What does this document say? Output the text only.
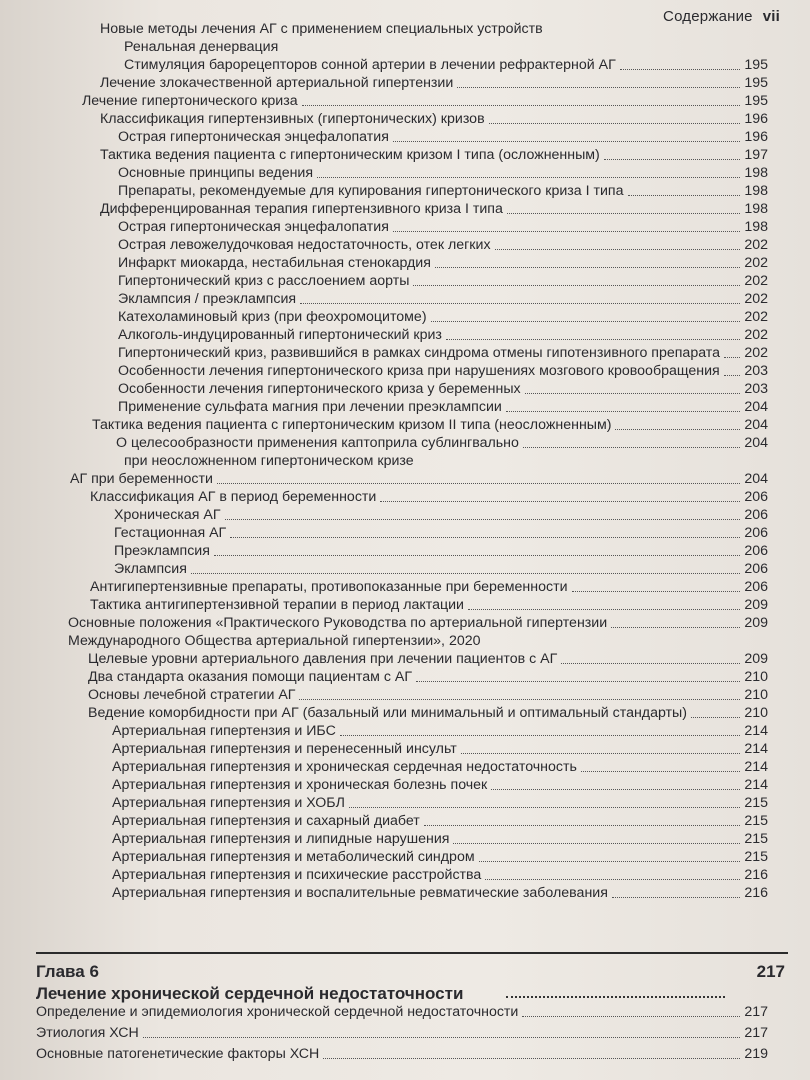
Содержание vii
Новые методы лечения АГ с применением специальных устройств
Ренальная денервация
Стимуляция барорецепторов сонной артерии в лечении рефрактерной АГ	195
Лечение злокачественной артериальной гипертензии	195
Лечение гипертонического криза	195
Классификация гипертензивных (гипертонических) кризов	196
Острая гипертоническая энцефалопатия	196
Тактика ведения пациента с гипертоническим кризом I типа (осложненным)	197
Основные принципы ведения	198
Препараты, рекомендуемые для купирования гипертонического криза I типа	198
Дифференцированная терапия гипертензивного криза I типа	198
Острая гипертоническая энцефалопатия	198
Острая левожелудочковая недостаточность, отек легких	202
Инфаркт миокарда, нестабильная стенокардия	202
Гипертонический криз с расслоением аорты	202
Эклампсия / преэклампсия	202
Катехоламиновый криз (при феохромоцитоме)	202
Алкоголь-индуцированный гипертонический криз	202
Гипертонический криз, развившийся в рамках синдрома отмены гипотензивного препарата 202
Особенности лечения гипертонического криза при нарушениях мозгового кровообращения 203
Особенности лечения гипертонического криза у беременных	203
Применение сульфата магния при лечении преэклампсии	204
Тактика ведения пациента с гипертоническим кризом II типа (неосложненным)	204
О целесообразности применения каптоприла сублингвально	204
при неосложненном гипертоническом кризе
АГ при беременности	204
Классификация АГ в период беременности	206
Хроническая АГ	206
Гестационная АГ	206
Преэклампсия	206
Эклампсия	206
Антигипертензивные препараты, противопоказанные при беременности	206
Тактика антигипертензивной терапии в период лактации	209
Основные положения «Практического Руководства по артериальной гипертензии	209
Международного Общества артериальной гипертензии», 2020
Целевые уровни артериального давления при лечении пациентов с АГ	209
Два стандарта оказания помощи пациентам с АГ	210
Основы лечебной стратегии АГ	210
Ведение коморбидности при АГ (базальный или минимальный и оптимальный стандарты)	210
Артериальная гипертензия и ИБС	214
Артериальная гипертензия и перенесенный инсульт	214
Артериальная гипертензия и хроническая сердечная недостаточность	214
Артериальная гипертензия и хроническая болезнь почек	214
Артериальная гипертензия и ХОБЛ	215
Артериальная гипертензия и сахарный диабет	215
Артериальная гипертензия и липидные нарушения	215
Артериальная гипертензия и метаболический синдром	215
Артериальная гипертензия и психические расстройства	216
Артериальная гипертензия и воспалительные ревматические заболевания	216
Глава 6	217
Лечение хронической сердечной недостаточности
Определение и эпидемиология хронической сердечной недостаточности	217
Этиология ХСН	217
Основные патогенетические факторы ХСН	219
